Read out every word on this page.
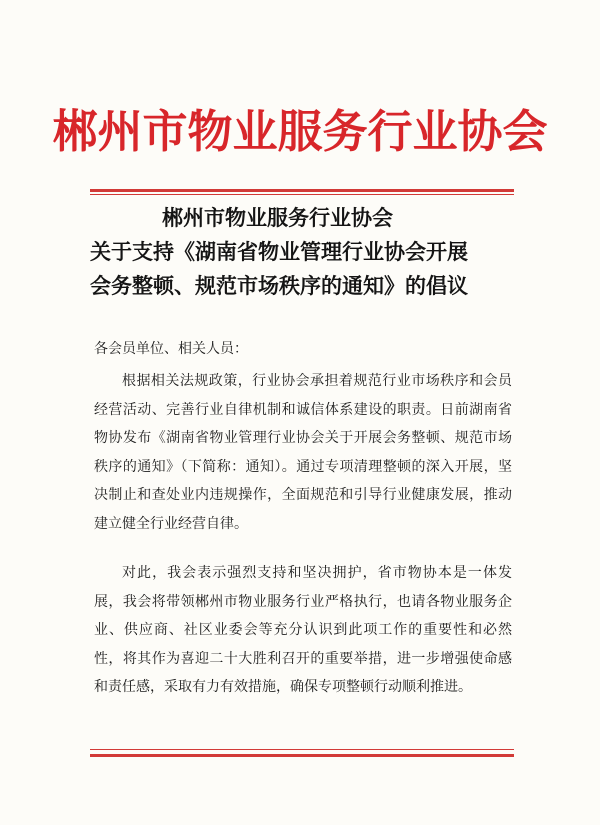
郴州市物业服务行业协会
郴州市物业服务行业协会
关于支持《湖南省物业管理行业协会开展
会务整顿、规范市场秩序的通知》的倡议
各会员单位、相关人员：
根据相关法规政策，行业协会承担着规范行业市场秩序和会员经营活动、完善行业自律机制和诚信体系建设的职责。日前湖南省物协发布《湖南省物业管理行业协会关于开展会务整顿、规范市场秩序的通知》（下简称：通知）。通过专项清理整顿的深入开展，坚决制止和查处业内违规操作，全面规范和引导行业健康发展，推动建立健全行业经营自律。
对此，我会表示强烈支持和坚决拥护，省市物协本是一体发展，我会将带领郴州市物业服务行业严格执行，也请各物业服务企业、供应商、社区业委会等充分认识到此项工作的重要性和必然性，将其作为喜迎二十大胜利召开的重要举措，进一步增强使命感和责任感，采取有力有效措施，确保专项整顿行动顺利推进。
